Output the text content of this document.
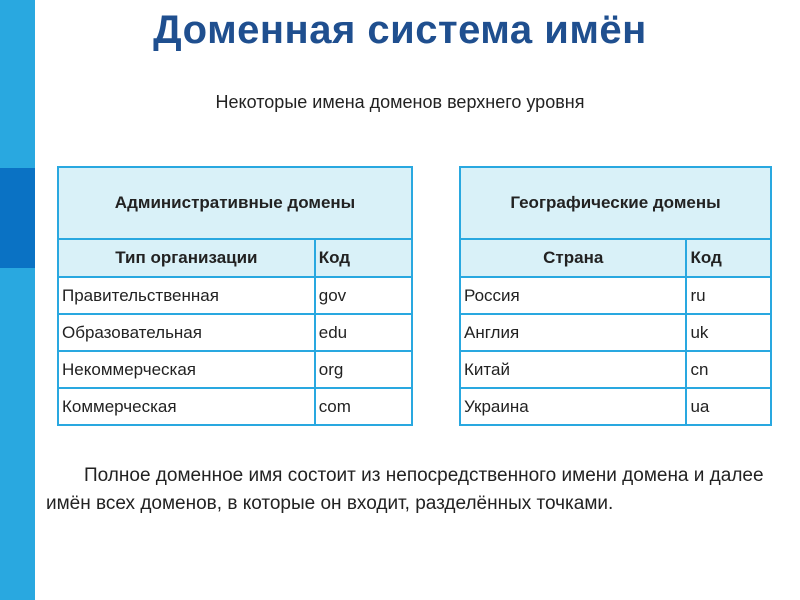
Доменная система имён
Некоторые имена доменов верхнего уровня
Административные домены	
Тип организации	Код
Правительственная	gov
Образовательная	edu
Некоммерческая	org
Коммерческая	com
Географические домены	
Страна	Код
Россия	ru
Англия	uk
Китай	cn
Украина	ua
Полное доменное имя состоит из непосредственного имени домена и далее имён всех доменов, в которые он входит, разделённых точками.
